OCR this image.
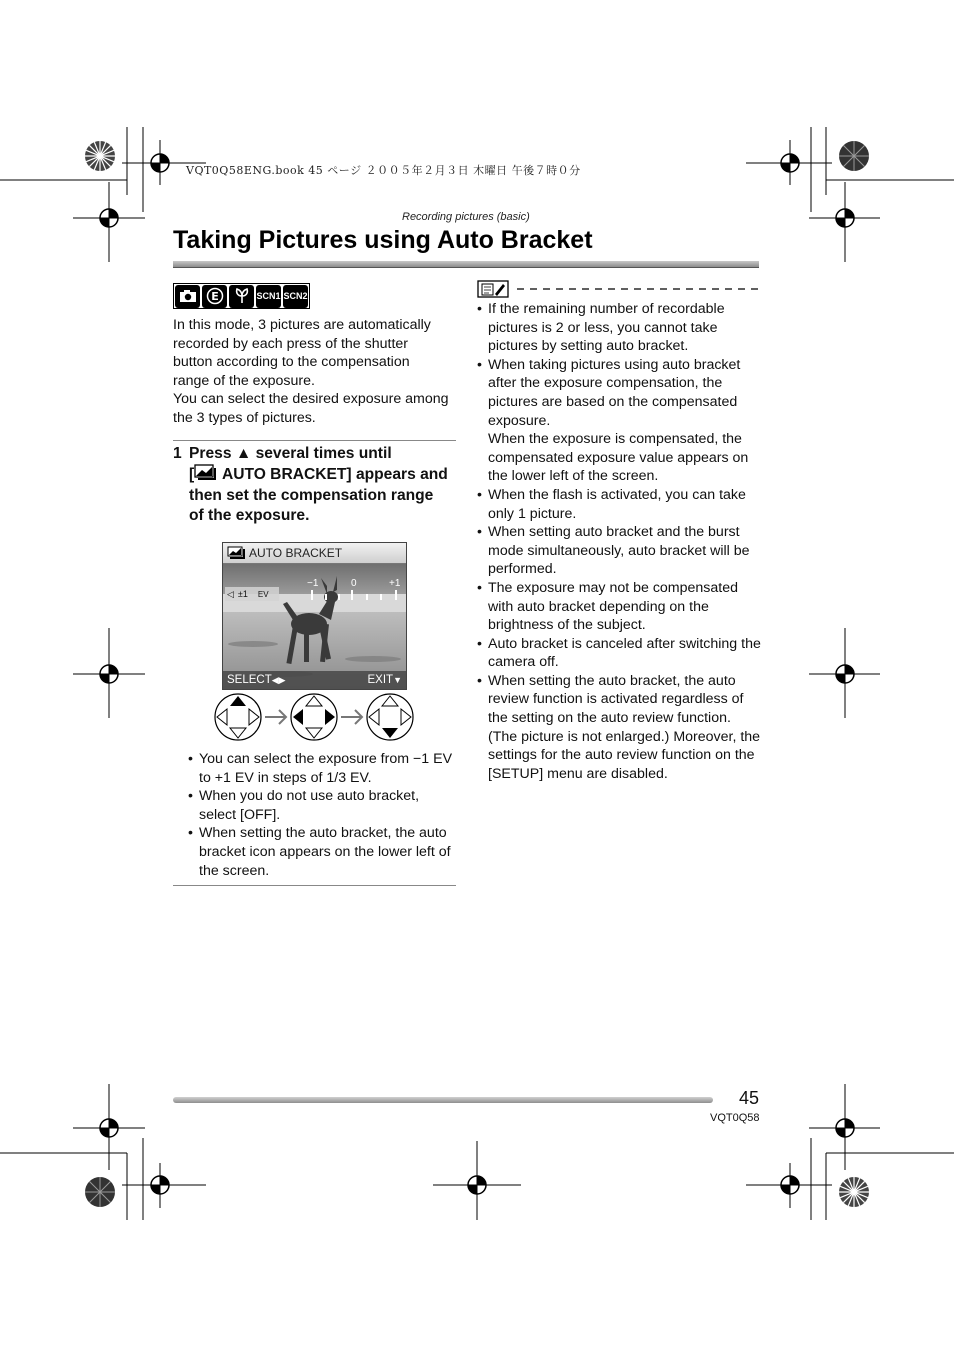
VQT0Q58ENG.book 45 ページ ２００５年２月３日 木曜日 午後７時０分
Recording pictures (basic)
Taking Pictures using Auto Bracket
E	SCN1 SCN2

In this mode, 3 pictures are automatically recorded by each press of the shutter button according to the compensation range of the exposure.

You can select the desired exposure among the 3 types of pictures.

1 Press ▲ several times until
[ AUTO BRACKET] appears and then set the compensation range of the exposure.
AUTO BRACKET
−1	0	+1
◁ ±1 EV
SELECT◀▶	EXIT▼
• You can select the exposure from −1 EV to +1 EV in steps of 1/3 EV.
• When you do not use auto bracket, select [OFF].
• When setting the auto bracket, the auto bracket icon appears on the lower left of the screen.
• If the remaining number of recordable pictures is 2 or less, you cannot take pictures by setting auto bracket.
• When taking pictures using auto bracket after the exposure compensation, the pictures are based on the compensated exposure.
When the exposure is compensated, the compensated exposure value appears on the lower left of the screen.
• When the flash is activated, you can take only 1 picture.
• When setting auto bracket and the burst mode simultaneously, auto bracket will be performed.
• The exposure may not be compensated with auto bracket depending on the brightness of the subject.
• Auto bracket is canceled after switching the camera off.
• When setting the auto bracket, the auto review function is activated regardless of the setting on the auto review function. (The picture is not enlarged.) Moreover, the settings for the auto review function on the [SETUP] menu are disabled.
45
VQT0Q58
